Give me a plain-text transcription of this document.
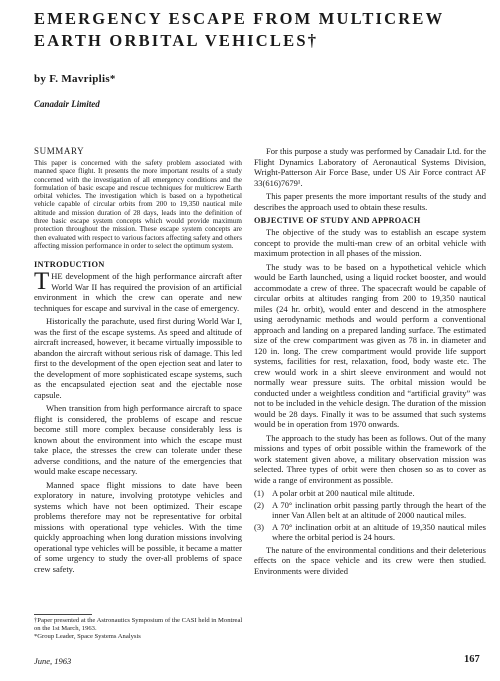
EMERGENCY ESCAPE FROM MULTICREW
EARTH ORBITAL VEHICLES†
by F. Mavriplis*
Canadair Limited
SUMMARY
This paper is concerned with the safety problem associated with manned space flight. It presents the more important results of a study concerned with the investigation of all emergency conditions and the formulation of basic escape and rescue techniques for multicrew Earth orbital vehicles. The investigation which is based on a hypothetical vehicle capable of circular orbits from 200 to 19,350 nautical mile altitude and mission duration of 28 days, leads into the definition of three basic escape system concepts which would provide maximum protection throughout the mission. These escape system concepts are then evaluated with respect to various factors affecting safety and others affecting mission performance in order to select the optimum system.
INTRODUCTION
THE development of the high performance aircraft after World War II has required the provision of an artificial environment in which the crew can operate and new techniques for escape and survival in the case of emergency.
Historically the parachute, used first during World War I, was the first of the escape systems. As speed and altitude of aircraft increased, however, it became virtually impossible to abandon the aircraft without serious risk of damage. This led first to the development of the open ejection seat and later to the development of more sophisticated escape systems, such as the encapsulated ejection seat and the ejectable nose capsule.
When transition from high performance aircraft to space flight is considered, the problems of escape and rescue become still more complex because considerably less is known about the environment into which the escape must take place, the stresses the crew can tolerate under these adverse conditions, and the nature of the emergencies that would make escape necessary.
Manned space flight missions to date have been exploratory in nature, involving prototype vehicles and systems which have not been optimized. Their escape problems therefore may not be representative for orbital missions with operational type vehicles. With the time quickly approaching when long duration missions involving operational type vehicles will be possible, it became a matter of some urgency to study the over-all problems of space crew safety.
For this purpose a study was performed by Canadair Ltd. for the Flight Dynamics Laboratory of Aeronautical Systems Division, Wright-Patterson Air Force Base, under US Air Force contract AF 33(616)7679¹.
This paper presents the more important results of the study and describes the approach used to obtain these results.
OBJECTIVE OF STUDY AND APPROACH
The objective of the study was to establish an escape system concept to provide the multi-man crew of an orbital vehicle with maximum protection in all phases of the mission.
The study was to be based on a hypothetical vehicle which would be Earth launched, using a liquid rocket booster, and would accommodate a crew of three. The spacecraft would be capable of circular orbits at altitudes ranging from 200 to 19,350 nautical miles (24 hr. orbit), would enter and descend in the atmosphere using aerodynamic methods and would perform a conventional approach and landing on a prepared landing surface. The estimated size of the crew compartment was given as 78 in. in diameter and 120 in. long. The crew compartment would provide life support systems, facilities for rest, relaxation, food, body waste etc. The crew would work in a shirt sleeve environment and would not normally wear pressure suits. The orbital mission would be conducted under a weightless condition and “artificial gravity” was not to be included in the vehicle design. The duration of the mission would be 28 days. Finally it was to be assumed that such systems would be in operation from 1970 onwards.
The approach to the study has been as follows. Out of the many missions and types of orbit possible within the framework of the work statement given above, a military observation mission was selected. Three types of orbit were then chosen so as to cover as wide a range of environment as possible.
(1) A polar orbit at 200 nautical mile altitude.
(2) A 70° inclination orbit passing partly through the heart of the inner Van Allen belt at an altitude of 2000 nautical miles.
(3) A 70° inclination orbit at an altitude of 19,350 nautical miles where the orbital period is 24 hours.
The nature of the environmental conditions and their deleterious effects on the space vehicle and its crew were then studied. Environments were divided
†Paper presented at the Astronautics Symposium of the CASI held in Montreal on the 1st March, 1963.
*Group Leader, Space Systems Analysis
June, 1963	167
